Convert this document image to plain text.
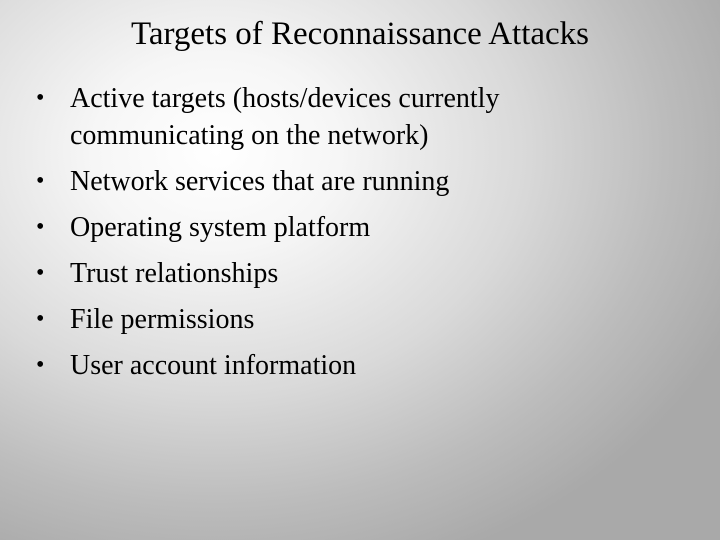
Targets of Reconnaissance Attacks
• Active targets (hosts/devices currently communicating on the network)
• Network services that are running
• Operating system platform
• Trust relationships
• File permissions
• User account information
